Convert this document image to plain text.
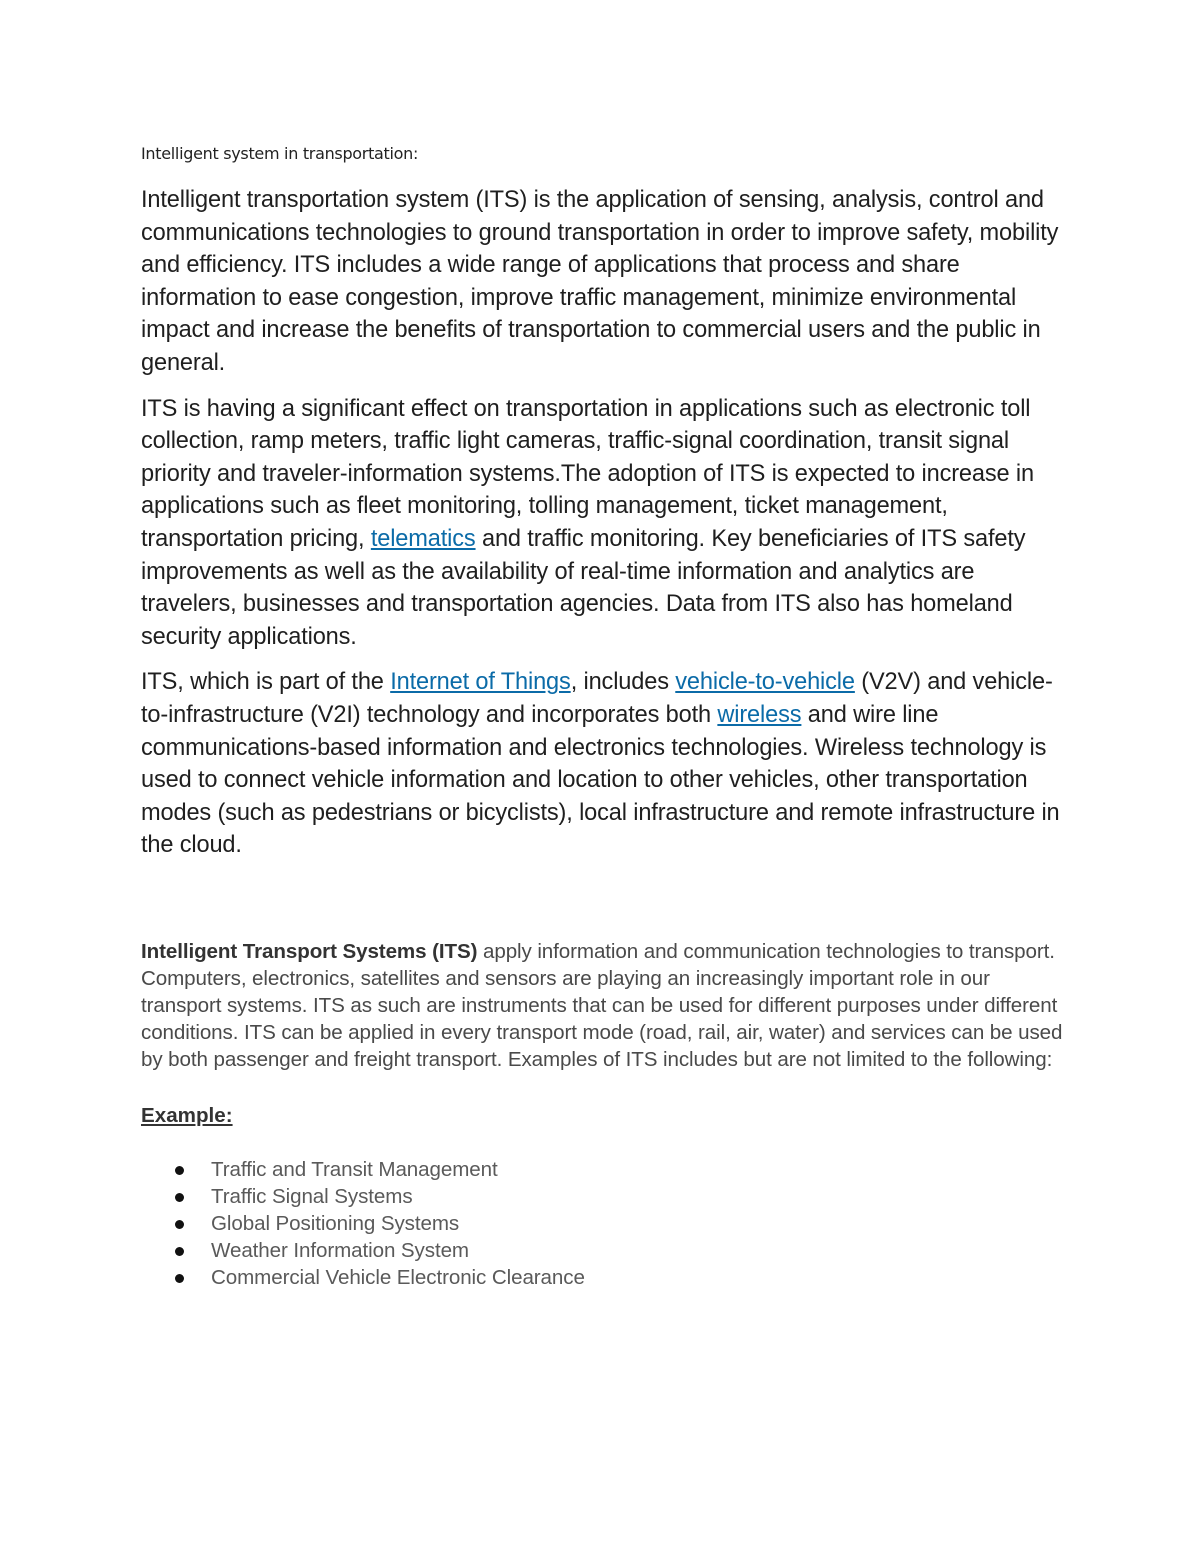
Intelligent system in transportation:

Intelligent transportation system (ITS) is the application of sensing, analysis, control and communications technologies to ground transportation in order to improve safety, mobility and efficiency. ITS includes a wide range of applications that process and share information to ease congestion, improve traffic management, minimize environmental impact and increase the benefits of transportation to commercial users and the public in general.

ITS is having a significant effect on transportation in applications such as electronic toll collection, ramp meters, traffic light cameras, traffic-signal coordination, transit signal priority and traveler-information systems.The adoption of ITS is expected to increase in applications such as fleet monitoring, tolling management, ticket management, transportation pricing, telematics and traffic monitoring. Key beneficiaries of ITS safety improvements as well as the availability of real-time information and analytics are travelers, businesses and transportation agencies. Data from ITS also has homeland security applications.

ITS, which is part of the Internet of Things, includes vehicle-to-vehicle (V2V) and vehicle-to-infrastructure (V2I) technology and incorporates both wireless and wire line communications-based information and electronics technologies. Wireless technology is used to connect vehicle information and location to other vehicles, other transportation modes (such as pedestrians or bicyclists), local infrastructure and remote infrastructure in the cloud.

Intelligent Transport Systems (ITS) apply information and communication technologies to transport. Computers, electronics, satellites and sensors are playing an increasingly important role in our transport systems. ITS as such are instruments that can be used for different purposes under different conditions. ITS can be applied in every transport mode (road, rail, air, water) and services can be used by both passenger and freight transport. Examples of ITS includes but are not limited to the following:

Example:
Traffic and Transit Management
Traffic Signal Systems
Global Positioning Systems
Weather Information System
Commercial Vehicle Electronic Clearance
